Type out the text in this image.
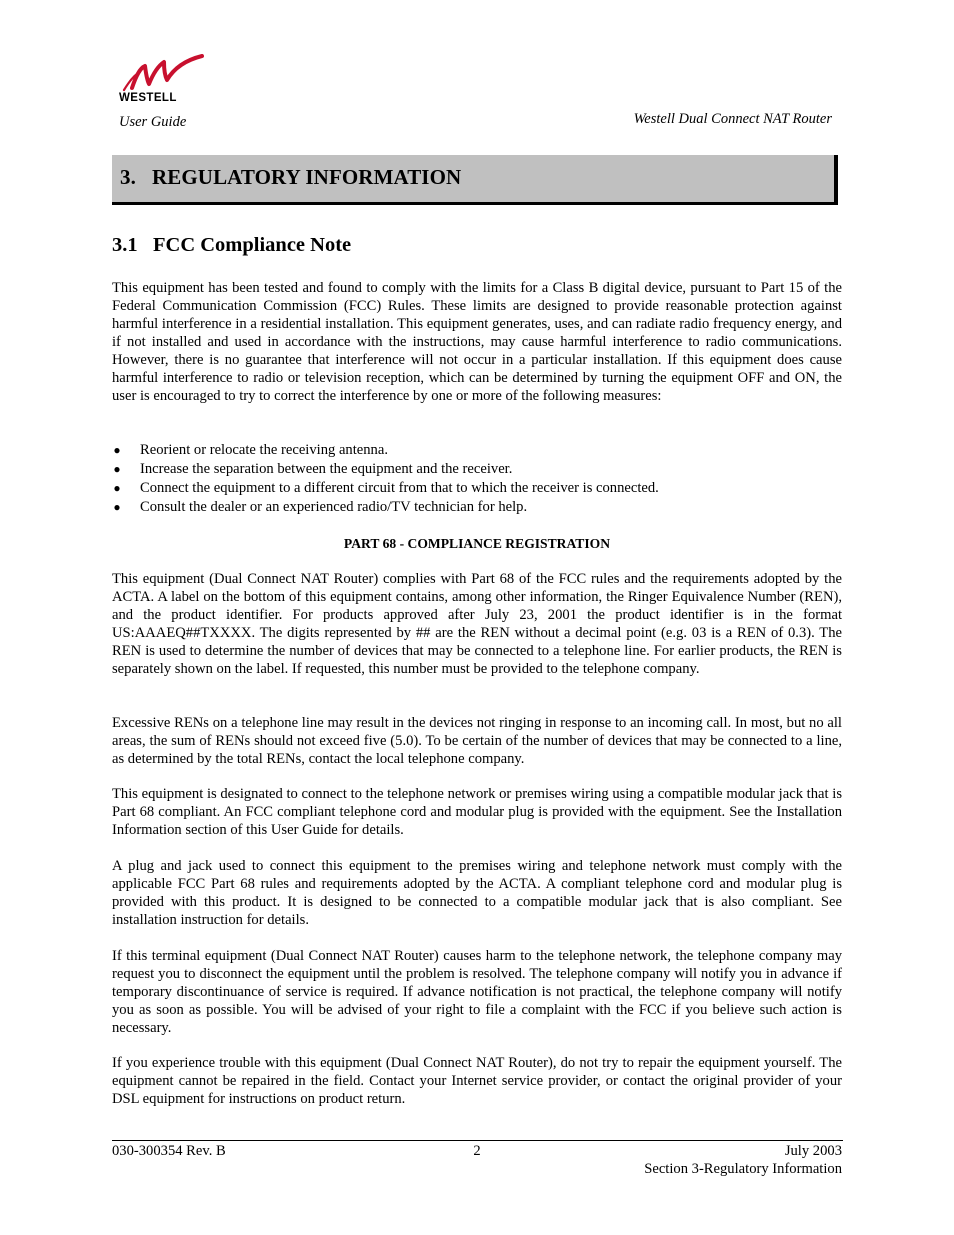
WESTELL
User Guide	Westell Dual Connect NAT Router
3.   REGULATORY INFORMATION
3.1   FCC Compliance Note

This equipment has been tested and found to comply with the limits for a Class B digital device, pursuant to Part 15 of the Federal Communication Commission (FCC) Rules. These limits are designed to provide reasonable protection against harmful interference in a residential installation. This equipment generates, uses, and can radiate radio frequency energy, and if not installed and used in accordance with the instructions, may cause harmful interference to radio communications. However, there is no guarantee that interference will not occur in a particular installation. If this equipment does cause harmful interference to radio or television reception, which can be determined by turning the equipment OFF and ON, the user is encouraged to try to correct the interference by one or more of the following measures:

● Reorient or relocate the receiving antenna.
● Increase the separation between the equipment and the receiver.
● Connect the equipment to a different circuit from that to which the receiver is connected.
● Consult the dealer or an experienced radio/TV technician for help.
PART 68 - COMPLIANCE REGISTRATION

This equipment (Dual Connect NAT Router) complies with Part 68 of the FCC rules and the requirements adopted by the ACTA. A label on the bottom of this equipment contains, among other information, the Ringer Equivalence Number (REN), and the product identifier. For products approved after July 23, 2001 the product identifier is in the format US:AAAEQ##TXXXX. The digits represented by ## are the REN without a decimal point (e.g. 03 is a REN of 0.3). The REN is used to determine the number of devices that may be connected to a telephone line. For earlier products, the REN is separately shown on the label. If requested, this number must be provided to the telephone company.

Excessive RENs on a telephone line may result in the devices not ringing in response to an incoming call. In most, but no all areas, the sum of RENs should not exceed five (5.0). To be certain of the number of devices that may be connected to a line, as determined by the total RENs, contact the local telephone company.

This equipment is designated to connect to the telephone network or premises wiring using a compatible modular jack that is Part 68 compliant. An FCC compliant telephone cord and modular plug is provided with the equipment. See the Installation Information section of this User Guide for details.

A plug and jack used to connect this equipment to the premises wiring and telephone network must comply with the applicable FCC Part 68 rules and requirements adopted by the ACTA. A compliant telephone cord and modular plug is provided with this product. It is designed to be connected to a compatible modular jack that is also compliant. See installation instruction for details.

If this terminal equipment (Dual Connect NAT Router) causes harm to the telephone network, the telephone company may request you to disconnect the equipment until the problem is resolved. The telephone company will notify you in advance if temporary discontinuance of service is required. If advance notification is not practical, the telephone company will notify you as soon as possible. You will be advised of your right to file a complaint with the FCC if you believe such action is necessary.

If you experience trouble with this equipment (Dual Connect NAT Router), do not try to repair the equipment yourself. The equipment cannot be repaired in the field. Contact your Internet service provider, or contact the original provider of your DSL equipment for instructions on product return.

030-300354 Rev. B	2	July 2003
Section 3-Regulatory Information
